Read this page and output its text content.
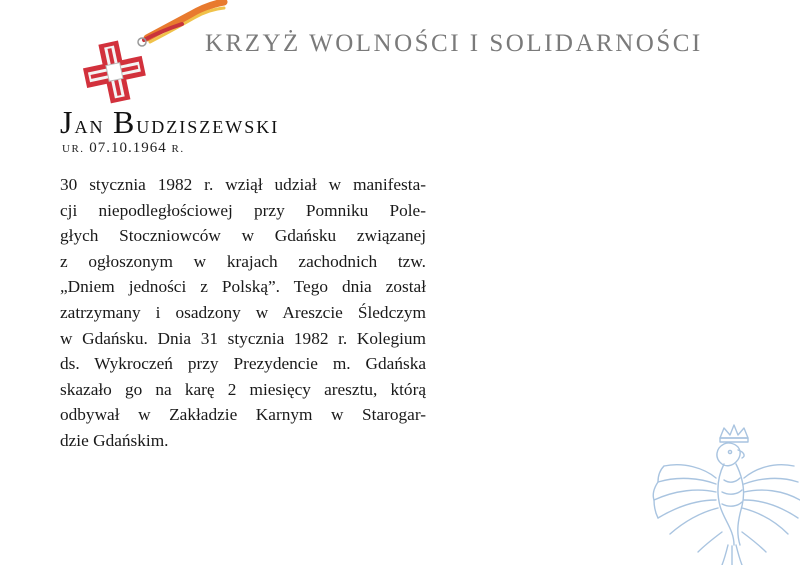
KRZYŻ WOLNOŚCI I SOLIDARNOŚCI
Jan Budziszewski
UR. 07.10.1964 R.
30 stycznia 1982 r. wziął udział w manifesta-
cji niepodległościowej przy Pomniku Pole-
głych Stoczniowców w Gdańsku związanej
z ogłoszonym w krajach zachodnich tzw.
„Dniem jedności z Polską”. Tego dnia został
zatrzymany i osadzony w Areszcie Śledczym
w Gdańsku. Dnia 31 stycznia 1982 r. Kolegium
ds. Wykroczeń przy Prezydencie m. Gdańska
skazało go na karę 2 miesięcy aresztu, którą
odbywał w Zakładzie Karnym w Starogar-
dzie Gdańskim.
